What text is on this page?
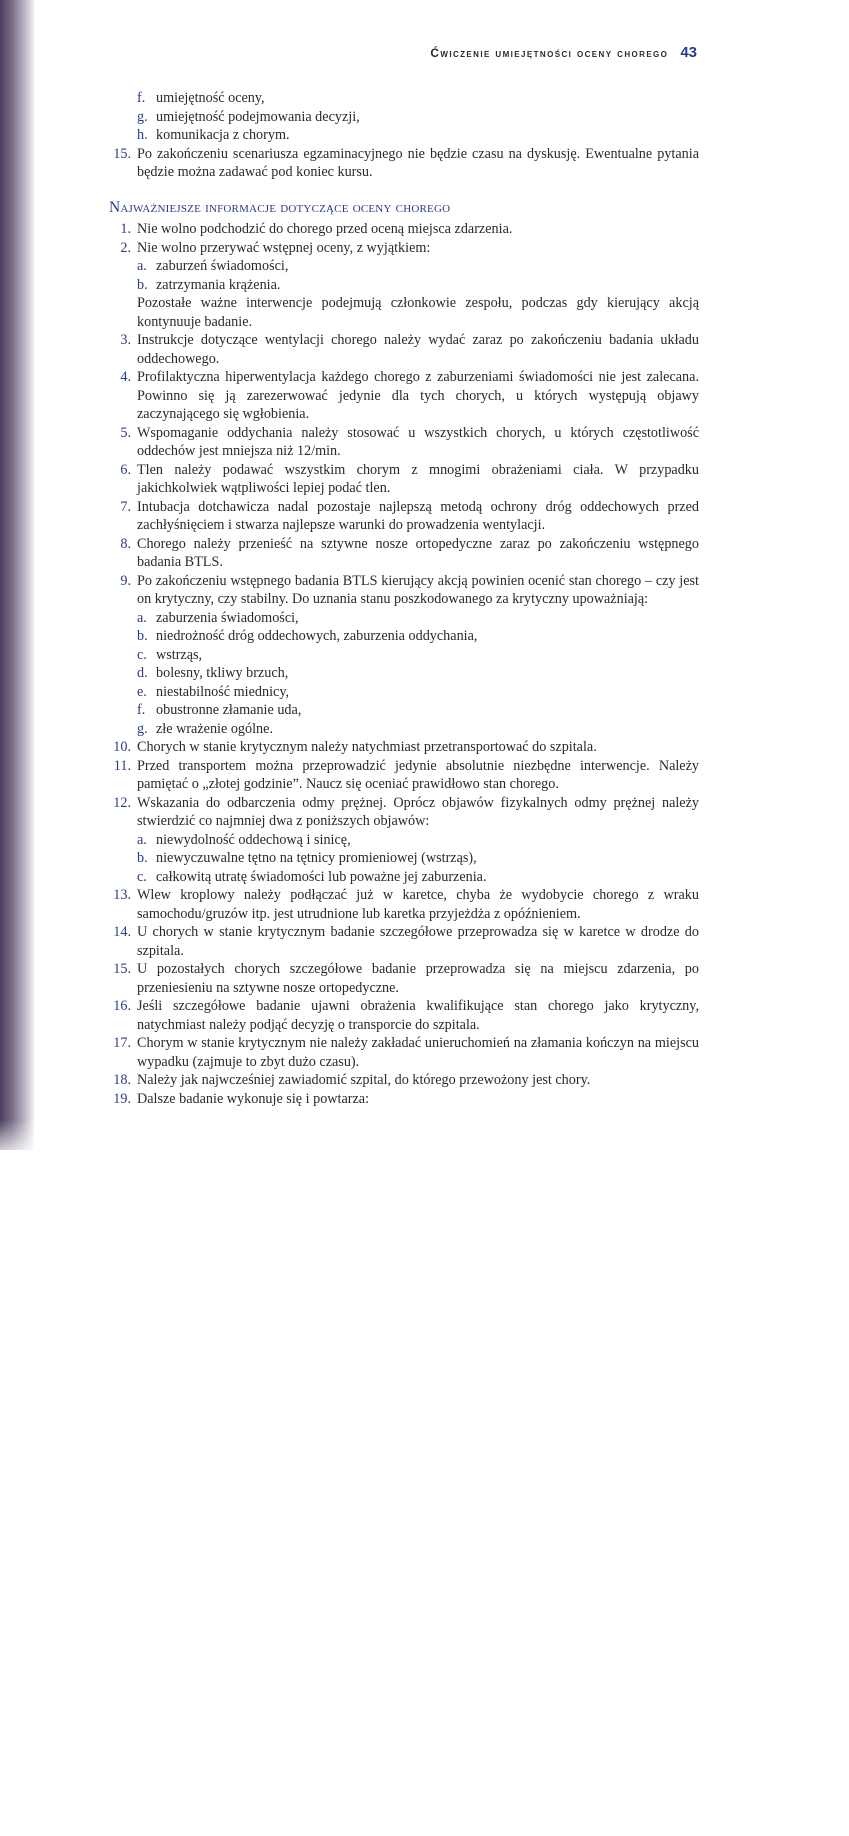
Ćwiczenie umiejętności oceny chorego 43
f. umiejętność oceny,
g. umiejętność podejmowania decyzji,
h. komunikacja z chorym.
15. Po zakończeniu scenariusza egzaminacyjnego nie będzie czasu na dyskusję. Ewentualne pytania będzie można zadawać pod koniec kursu.
Najważniejsze informacje dotyczące oceny chorego
1. Nie wolno podchodzić do chorego przed oceną miejsca zdarzenia.
2. Nie wolno przerywać wstępnej oceny, z wyjątkiem:
a. zaburzeń świadomości,
b. zatrzymania krążenia.
Pozostałe ważne interwencje podejmują członkowie zespołu, podczas gdy kierujący akcją kontynuuje badanie.
3. Instrukcje dotyczące wentylacji chorego należy wydać zaraz po zakończeniu badania układu oddechowego.
4. Profilaktyczna hiperwentylacja każdego chorego z zaburzeniami świadomości nie jest zalecana. Powinno się ją zarezerwować jedynie dla tych chorych, u których występują objawy zaczynającego się wgłobienia.
5. Wspomaganie oddychania należy stosować u wszystkich chorych, u których częstotliwość oddechów jest mniejsza niż 12/min.
6. Tlen należy podawać wszystkim chorym z mnogimi obrażeniami ciała. W przypadku jakichkolwiek wątpliwości lepiej podać tlen.
7. Intubacja dotchawicza nadal pozostaje najlepszą metodą ochrony dróg oddechowych przed zachłyśnięciem i stwarza najlepsze warunki do prowadzenia wentylacji.
8. Chorego należy przenieść na sztywne nosze ortopedyczne zaraz po zakończeniu wstępnego badania BTLS.
9. Po zakończeniu wstępnego badania BTLS kierujący akcją powinien ocenić stan chorego – czy jest on krytyczny, czy stabilny. Do uznania stanu poszkodowanego za krytyczny upoważniają:
a. zaburzenia świadomości,
b. niedrożność dróg oddechowych, zaburzenia oddychania,
c. wstrząs,
d. bolesny, tkliwy brzuch,
e. niestabilność miednicy,
f. obustronne złamanie uda,
g. złe wrażenie ogólne.
10. Chorych w stanie krytycznym należy natychmiast przetransportować do szpitala.
11. Przed transportem można przeprowadzić jedynie absolutnie niezbędne interwencje. Należy pamiętać o „złotej godzinie”. Naucz się oceniać prawidłowo stan chorego.
12. Wskazania do odbarczenia odmy prężnej. Oprócz objawów fizykalnych odmy prężnej należy stwierdzić co najmniej dwa z poniższych objawów:
a. niewydolność oddechową i sinicę,
b. niewyczuwalne tętno na tętnicy promieniowej (wstrząs),
c. całkowitą utratę świadomości lub poważne jej zaburzenia.
13. Wlew kroplowy należy podłączać już w karetce, chyba że wydobycie chorego z wraku samochodu/gruzów itp. jest utrudnione lub karetka przyjeżdża z opóźnieniem.
14. U chorych w stanie krytycznym badanie szczegółowe przeprowadza się w karetce w drodze do szpitala.
15. U pozostałych chorych szczegółowe badanie przeprowadza się na miejscu zdarzenia, po przeniesieniu na sztywne nosze ortopedyczne.
16. Jeśli szczegółowe badanie ujawni obrażenia kwalifikujące stan chorego jako krytyczny, natychmiast należy podjąć decyzję o transporcie do szpitala.
17. Chorym w stanie krytycznym nie należy zakładać unieruchomień na złamania kończyn na miejscu wypadku (zajmuje to zbyt dużo czasu).
18. Należy jak najwcześniej zawiadomić szpital, do którego przewożony jest chory.
19. Dalsze badanie wykonuje się i powtarza:
